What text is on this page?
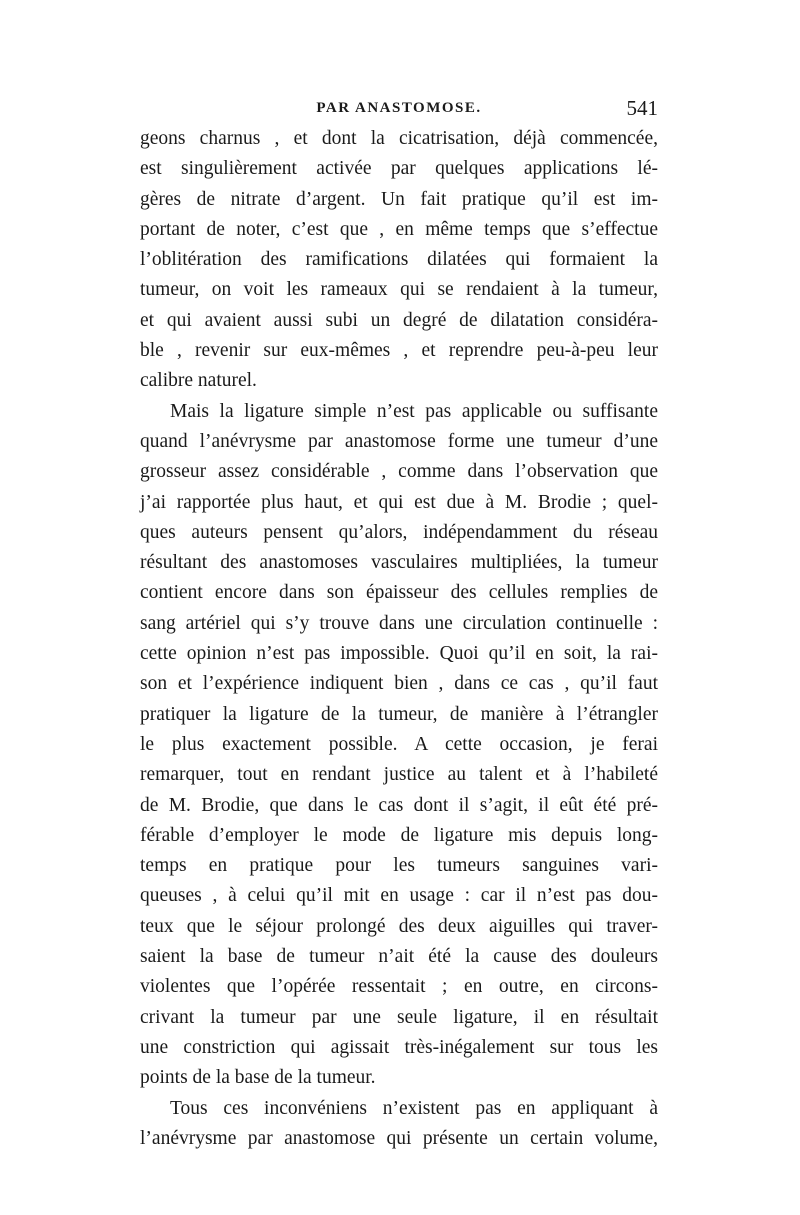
PAR ANASTOMOSE.	541
geons charnus , et dont la cicatrisation, déjà commencée,
est singulièrement activée par quelques applications lé-
gères de nitrate d’argent. Un fait pratique qu’il est im-
portant de noter, c’est que , en même temps que s’effectue
l’oblitération des ramifications dilatées qui formaient la
tumeur, on voit les rameaux qui se rendaient à la tumeur,
et qui avaient aussi subi un degré de dilatation considéra-
ble , revenir sur eux-mêmes , et reprendre peu-à-peu leur
calibre naturel.
Mais la ligature simple n’est pas applicable ou suffisante
quand l’anévrysme par anastomose forme une tumeur d’une
grosseur assez considérable , comme dans l’observation que
j’ai rapportée plus haut, et qui est due à M. Brodie ; quel-
ques auteurs pensent qu’alors, indépendamment du réseau
résultant des anastomoses vasculaires multipliées, la tumeur
contient encore dans son épaisseur des cellules remplies de
sang artériel qui s’y trouve dans une circulation continuelle :
cette opinion n’est pas impossible. Quoi qu’il en soit, la rai-
son et l’expérience indiquent bien , dans ce cas , qu’il faut
pratiquer la ligature de la tumeur, de manière à l’étrangler
le plus exactement possible. A cette occasion, je ferai
remarquer, tout en rendant justice au talent et à l’habileté
de M. Brodie, que dans le cas dont il s’agit, il eût été pré-
férable d’employer le mode de ligature mis depuis long-
temps en pratique pour les tumeurs sanguines vari-
queuses , à celui qu’il mit en usage : car il n’est pas dou-
teux que le séjour prolongé des deux aiguilles qui traver-
saient la base de tumeur n’ait été la cause des douleurs
violentes que l’opérée ressentait ; en outre, en circons-
crivant la tumeur par une seule ligature, il en résultait
une constriction qui agissait très-inégalement sur tous les
points de la base de la tumeur.
Tous ces inconvéniens n’existent pas en appliquant à
l’anévrysme par anastomose qui présente un certain volume,
